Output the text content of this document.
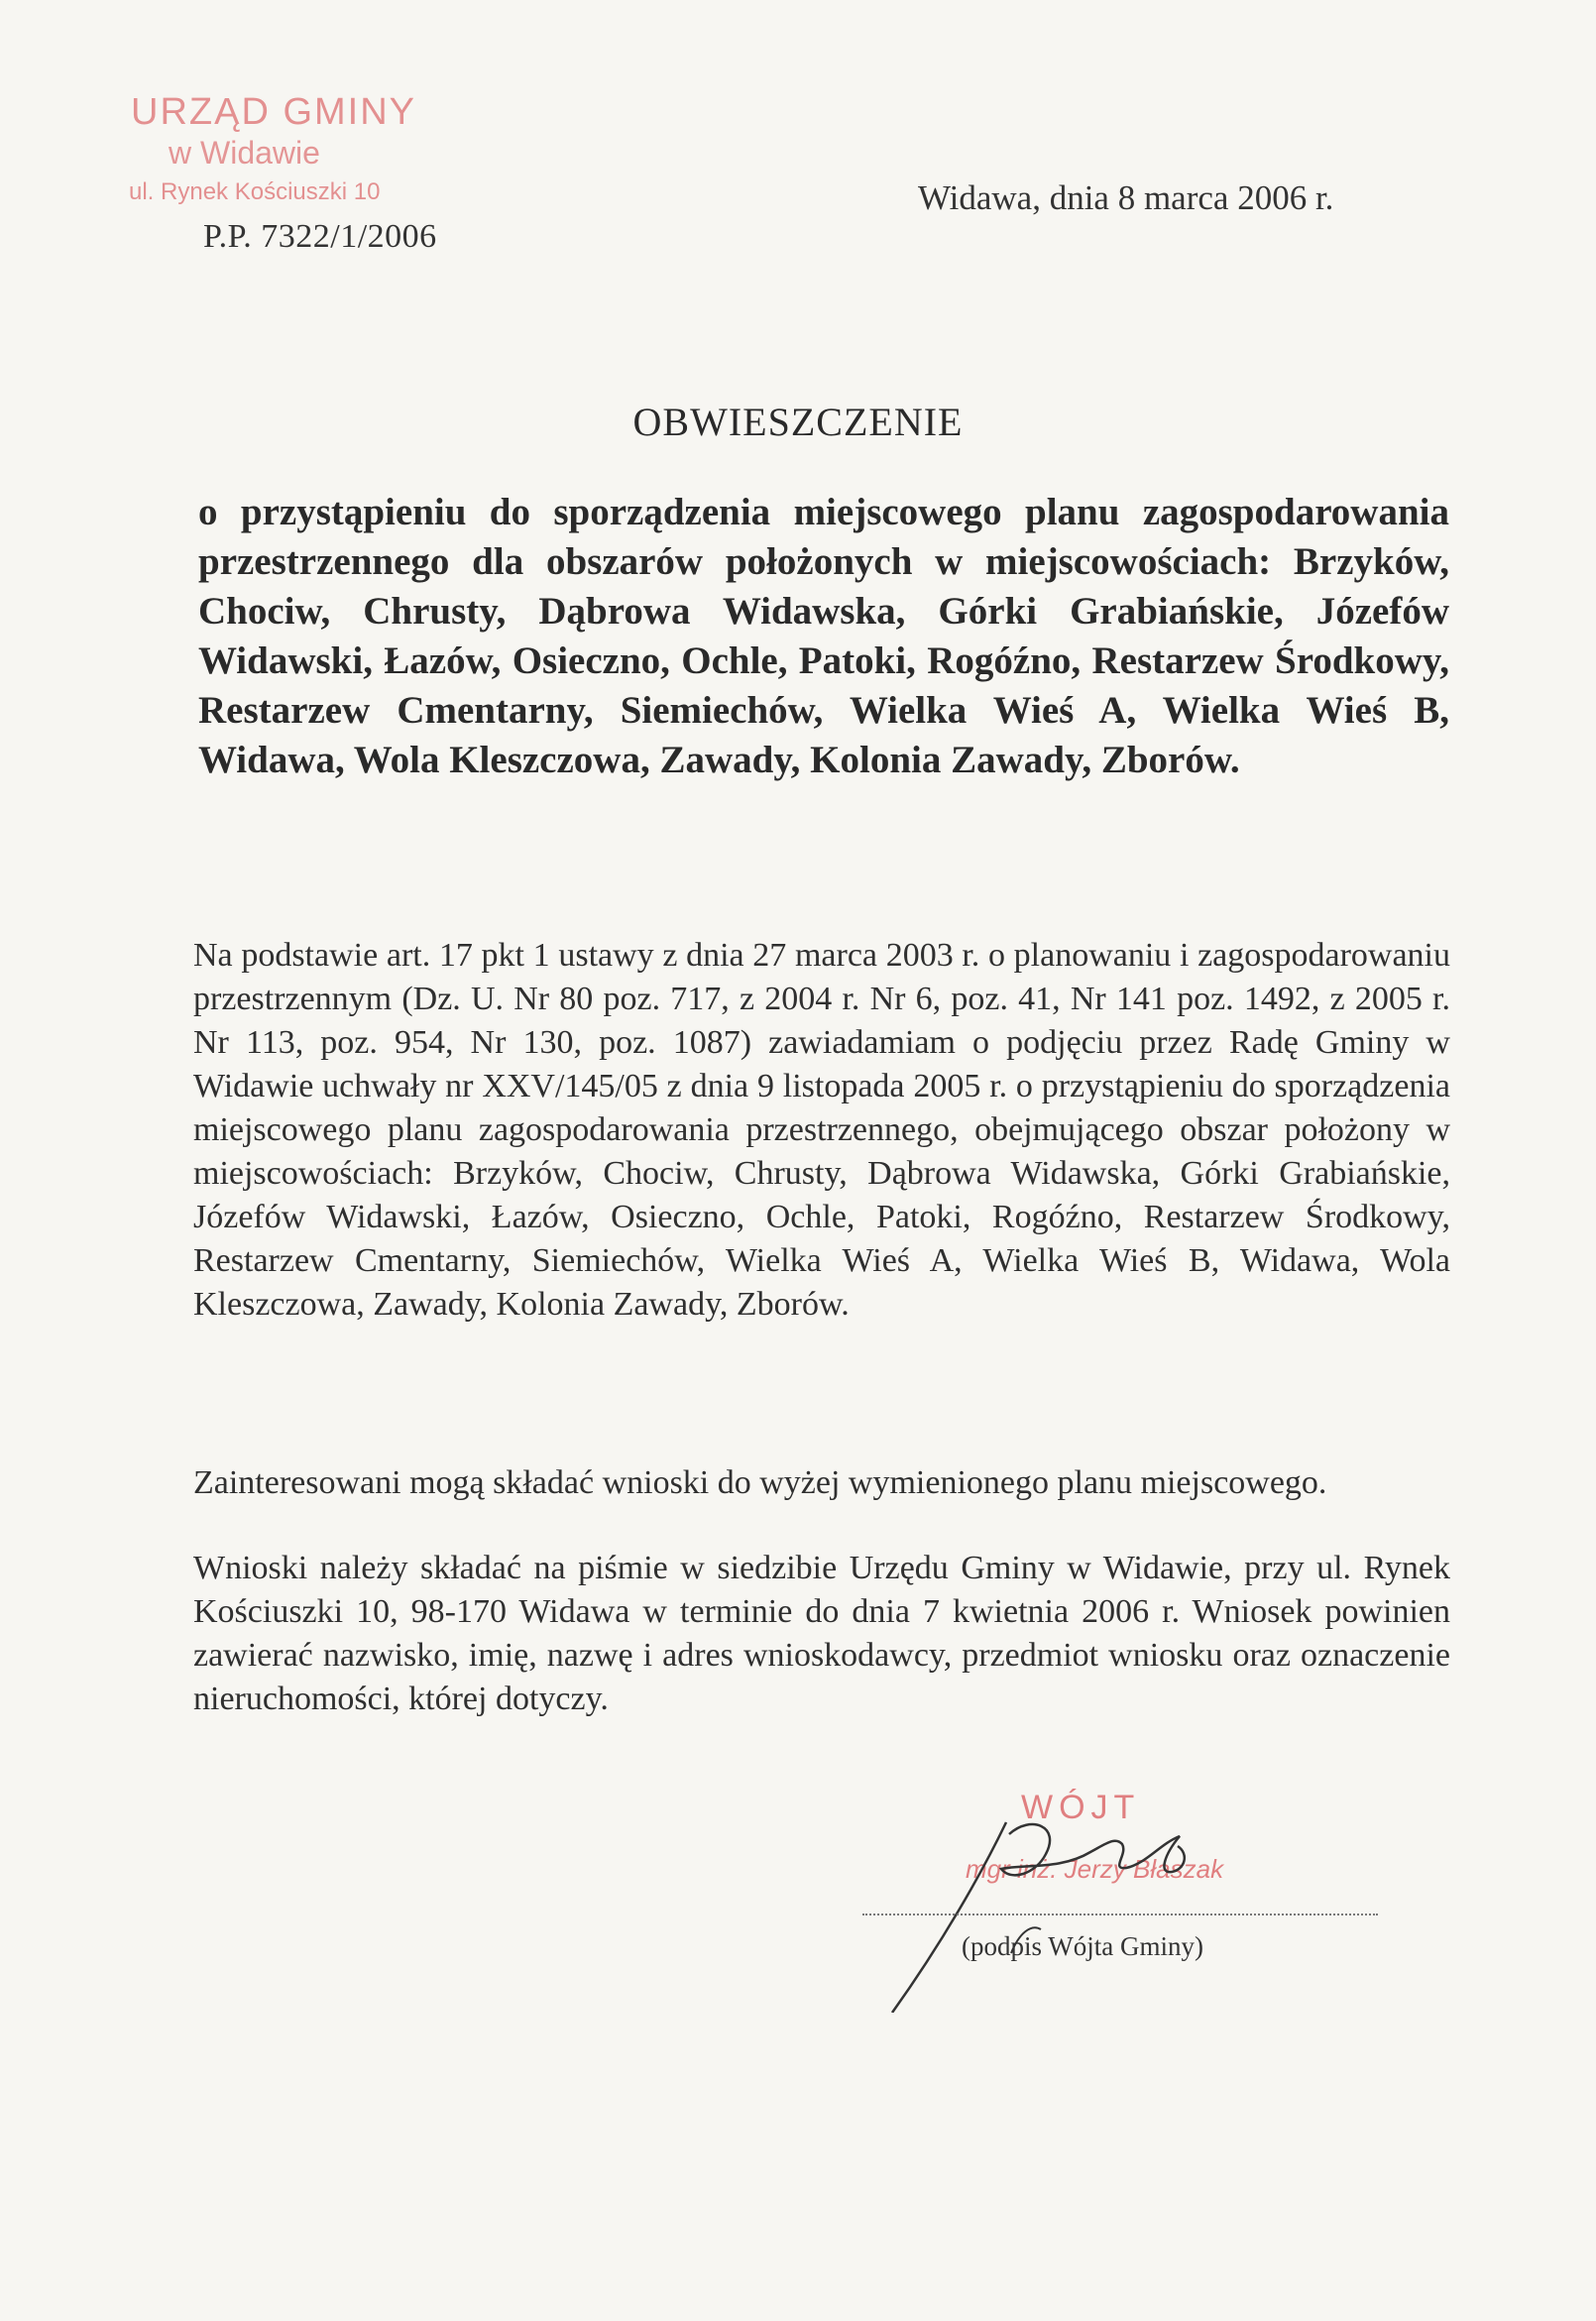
URZĄD GMINY
w Widawie
ul. Rynek Kościuszki 10
P.P. 7322/1/2006
Widawa, dnia 8 marca 2006 r.
OBWIESZCZENIE
o przystąpieniu do sporządzenia miejscowego planu zagospodarowania przestrzennego dla obszarów położonych w miejscowościach: Brzyków, Chociw, Chrusty, Dąbrowa Widawska, Górki Grabiańskie, Józefów Widawski, Łazów, Osieczno, Ochle, Patoki, Rogóźno, Restarzew Środkowy, Restarzew Cmentarny, Siemiechów, Wielka Wieś A, Wielka Wieś B, Widawa, Wola Kleszczowa, Zawady, Kolonia Zawady, Zborów.
Na podstawie art. 17 pkt 1 ustawy z dnia 27 marca 2003 r. o planowaniu i zagospodarowaniu przestrzennym (Dz. U. Nr 80 poz. 717, z 2004 r. Nr 6, poz. 41, Nr 141 poz. 1492, z 2005 r. Nr 113, poz. 954, Nr 130, poz. 1087) zawiadamiam o podjęciu przez Radę Gminy w Widawie uchwały nr XXV/145/05 z dnia 9 listopada 2005 r. o przystąpieniu do sporządzenia miejscowego planu zagospodarowania przestrzennego, obejmującego obszar położony w miejscowościach: Brzyków, Chociw, Chrusty, Dąbrowa Widawska, Górki Grabiańskie, Józefów Widawski, Łazów, Osieczno, Ochle, Patoki, Rogóźno, Restarzew Środkowy, Restarzew Cmentarny, Siemiechów, Wielka Wieś A, Wielka Wieś B, Widawa, Wola Kleszczowa, Zawady, Kolonia Zawady, Zborów.
Zainteresowani mogą składać wnioski do wyżej wymienionego planu miejscowego.
Wnioski należy składać na piśmie w siedzibie Urzędu Gminy w Widawie, przy ul. Rynek Kościuszki 10, 98-170 Widawa w terminie do dnia 7 kwietnia 2006 r. Wniosek powinien zawierać nazwisko, imię, nazwę i adres wnioskodawcy, przedmiot wniosku oraz oznaczenie nieruchomości, której dotyczy.
WÓJT
mgr inż. Jerzy Błaszak
(podpis Wójta Gminy)
